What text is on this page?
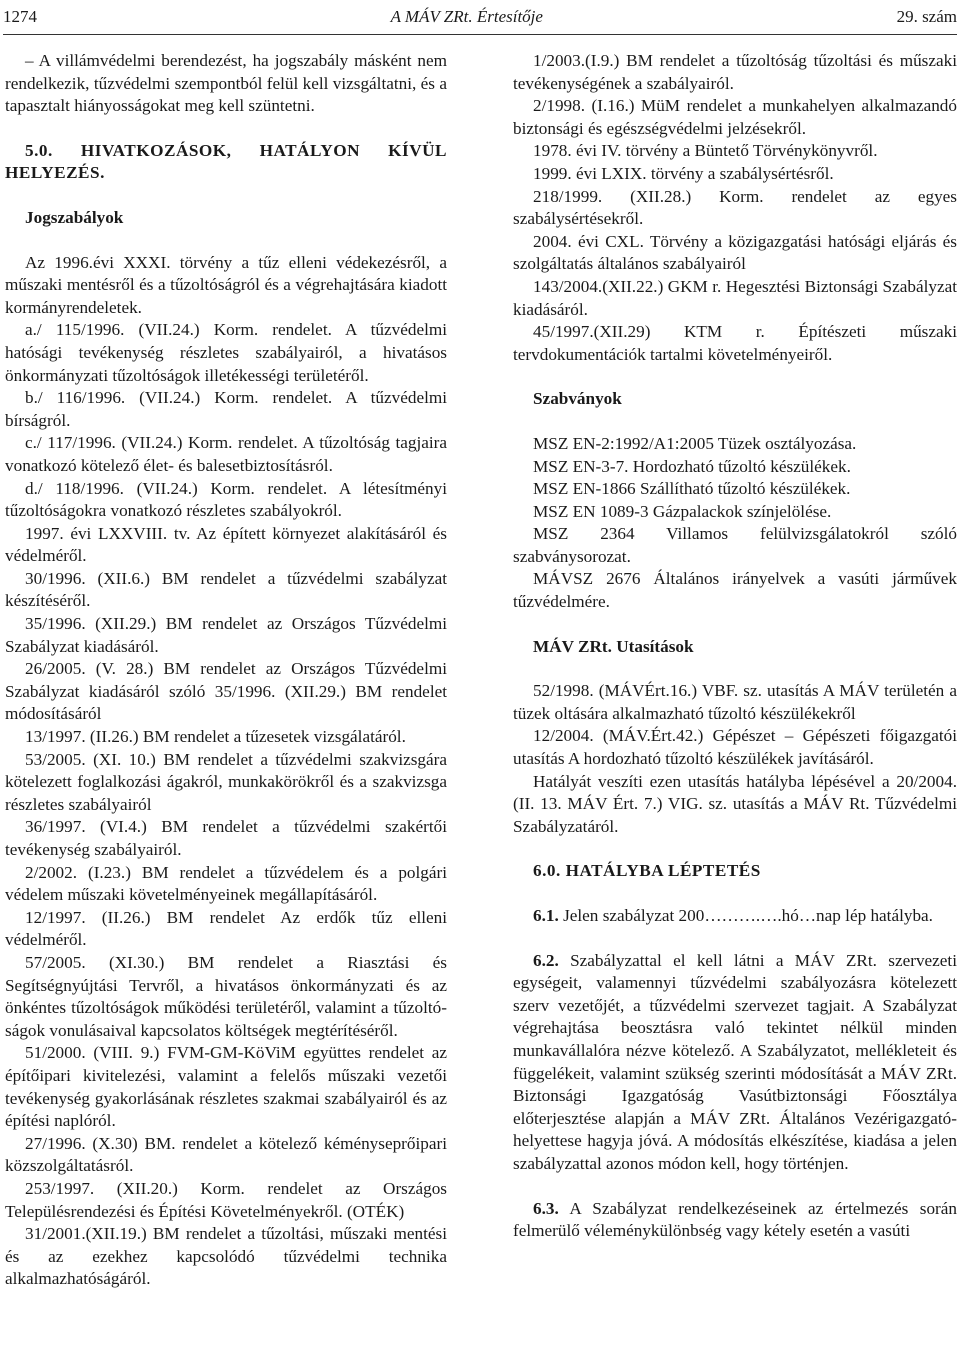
1274	A MÁV ZRt. Értesítője	29. szám

– A villámvédelmi berendezést, ha jogszabály másként nem rendelkezik, tűzvédelmi szempontból felül kell vizsgáltatni, és a tapasztalt hiányosságokat meg kell szüntetni.

5.0. HIVATKOZÁSOK, HATÁLYON KÍVÜL HELYEZÉS.

Jogszabályok

Az 1996.évi XXXI. törvény a tűz elleni védekezésről, a műszaki mentésről és a tűzoltóságról és a végrehajtására kiadott kormányrendeletek.

a./ 115/1996. (VII.24.) Korm. rendelet. A tűzvédelmi hatósági tevékenység részletes szabályairól, a hivatásos önkormányzati tűzoltóságok illetékességi területéről.

b./ 116/1996. (VII.24.) Korm. rendelet. A tűzvédelmi bírságról.

c./ 117/1996. (VII.24.) Korm. rendelet. A tűzoltóság tagjaira vonatkozó kötelező élet- és balesetbiztosításról.

d./ 118/1996. (VII.24.) Korm. rendelet. A létesítményi tűzoltóságokra vonatkozó részletes szabályokról.

1997. évi LXXVIII. tv. Az épített környezet alakításáról és védelméről.

30/1996. (XII.6.) BM rendelet a tűzvédelmi szabályzat készítéséről.

35/1996. (XII.29.) BM rendelet az Országos Tűzvédelmi Szabályzat kiadásáról.

26/2005. (V. 28.) BM rendelet az Országos Tűzvédelmi Szabályzat kiadásáról szóló 35/1996. (XII.29.) BM rendelet módosításáról

13/1997. (II.26.) BM rendelet a tűzesetek vizsgálatáról.

53/2005. (XI. 10.) BM rendelet a tűzvédelmi szakvizsgára kötelezett foglalkozási ágakról, munkakörökről és a szakvizsga részletes szabályairól

36/1997. (VI.4.) BM rendelet a tűzvédelmi szakértői tevékenység szabályairól.

2/2002. (I.23.) BM rendelet a tűzvédelem és a polgári védelem műszaki követelményeinek megállapításáról.

12/1997. (II.26.) BM rendelet Az erdők tűz elleni védelméről.

57/2005. (XI.30.) BM rendelet a Riasztási és Segítségnyújtási Tervről, a hivatásos önkormányzati és az önkéntes tűzoltóságok működési területéről, valamint a tűzoltó-ságok vonulásaival kapcsolatos költségek megtérítéséről.

51/2000. (VIII. 9.) FVM-GM-KöViM együttes rendelet az építőipari kivitelezési, valamint a felelős műszaki vezetői tevékenység gyakorlásának részletes szakmai szabályairól és az építési naplóról.

27/1996. (X.30) BM. rendelet a kötelező kéményseprőipari közszolgáltatásról.

253/1997. (XII.20.) Korm. rendelet az Országos Településrendezési és Építési Követelményekről. (OTÉK)

31/2001.(XII.19.) BM rendelet a tűzoltási, műszaki mentési és az ezekhez kapcsolódó tűzvédelmi technika alkalmazhatóságáról.

1/2003.(I.9.) BM rendelet a tűzoltóság tűzoltási és műszaki tevékenységének a szabályairól.

2/1998. (I.16.) MüM rendelet a munkahelyen alkalmazandó biztonsági és egészségvédelmi jelzésekről.

1978. évi IV. törvény a Büntető Törvénykönyvről.

1999. évi LXIX. törvény a szabálysértésről.

218/1999. (XII.28.) Korm. rendelet az egyes szabálysértésekről.

2004. évi CXL. Törvény a közigazgatási hatósági eljárás és szolgáltatás általános szabályairól

143/2004.(XII.22.) GKM r. Hegesztési Biztonsági Szabályzat kiadásáról.

45/1997.(XII.29) KTM r. Építészeti műszaki tervdokumentációk tartalmi követelményeiről.

Szabványok

MSZ EN-2:1992/A1:2005 Tüzek osztályozása.

MSZ EN-3-7. Hordozható tűzoltó készülékek.

MSZ EN-1866 Szállítható tűzoltó készülékek.

MSZ EN 1089-3 Gázpalackok színjelölése.

MSZ 2364 Villamos felülvizsgálatokról szóló szabványsorozat.

MÁVSZ 2676 Általános irányelvek a vasúti járművek tűzvédelmére.

MÁV ZRt. Utasítások

52/1998. (MÁVÉrt.16.) VBF. sz. utasítás A MÁV területén a tüzek oltására alkalmazható tűzoltó készülékekről

12/2004. (MÁV.Ért.42.) Gépészet – Gépészeti főigazgatói utasítás A hordozható tűzoltó készülékek javításáról.

Hatályát veszíti ezen utasítás hatályba lépésével a 20/2004. (II. 13. MÁV Ért. 7.) VIG. sz. utasítás a MÁV Rt. Tűzvédelmi Szabályzatáról.

6.0. HATÁLYBA LÉPTETÉS

6.1. Jelen szabályzat 200……….….hó…nap lép hatályba.

6.2. Szabályzattal el kell látni a MÁV ZRt. szervezeti egységeit, valamennyi tűzvédelmi szabályozásra kötelezett szerv vezetőjét, a tűzvédelmi szervezet tagjait. A Szabályzat végrehajtása beosztásra való tekintet nélkül minden munkavállalóra nézve kötelező. A Szabályzatot, mellékleteit és függelékeit, valamint szükség szerinti módosítását a MÁV ZRt. Biztonsági Igazgatóság Vasútbiztonsági Főosztálya előterjesztése alapján a MÁV ZRt. Általános Vezérigazgató-helyettese hagyja jóvá. A módosítás elkészítése, kiadása a jelen szabályzattal azonos módon kell, hogy történjen.

6.3. A Szabályzat rendelkezéseinek az értelmezés során felmerülő véleménykülönbség vagy kétely esetén a vasúti
